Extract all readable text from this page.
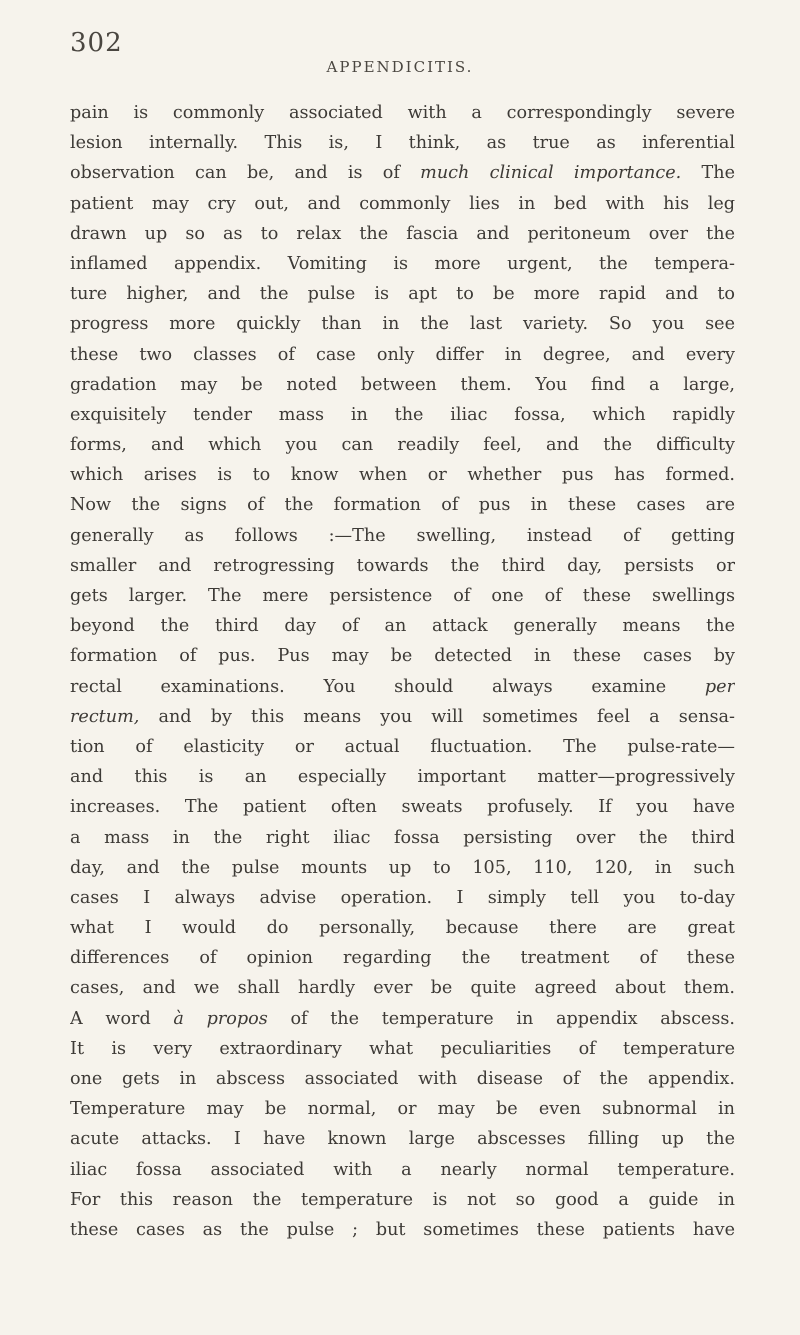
302
APPENDICITIS.
pain is commonly associated with a correspondingly severe
lesion internally. This is, I think, as true as inferential
observation can be, and is of much clinical importance. The
patient may cry out, and commonly lies in bed with his leg
drawn up so as to relax the fascia and peritoneum over the
inflamed appendix. Vomiting is more urgent, the tempera-
ture higher, and the pulse is apt to be more rapid and to
progress more quickly than in the last variety. So you see
these two classes of case only differ in degree, and every
gradation may be noted between them. You find a large,
exquisitely tender mass in the iliac fossa, which rapidly
forms, and which you can readily feel, and the difficulty
which arises is to know when or whether pus has formed.
Now the signs of the formation of pus in these cases are
generally as follows :—The swelling, instead of getting
smaller and retrogressing towards the third day, persists or
gets larger. The mere persistence of one of these swellings
beyond the third day of an attack generally means the
formation of pus. Pus may be detected in these cases by
rectal examinations. You should always examine per
rectum, and by this means you will sometimes feel a sensa-
tion of elasticity or actual fluctuation. The pulse-rate—
and this is an especially important matter—progressively
increases. The patient often sweats profusely. If you have
a mass in the right iliac fossa persisting over the third
day, and the pulse mounts up to 105, 110, 120, in such
cases I always advise operation. I simply tell you to-day
what I would do personally, because there are great
differences of opinion regarding the treatment of these
cases, and we shall hardly ever be quite agreed about them.
A word à propos of the temperature in appendix abscess.
It is very extraordinary what peculiarities of temperature
one gets in abscess associated with disease of the appendix.
Temperature may be normal, or may be even subnormal in
acute attacks. I have known large abscesses filling up the
iliac fossa associated with a nearly normal temperature.
For this reason the temperature is not so good a guide in
these cases as the pulse ; but sometimes these patients have
